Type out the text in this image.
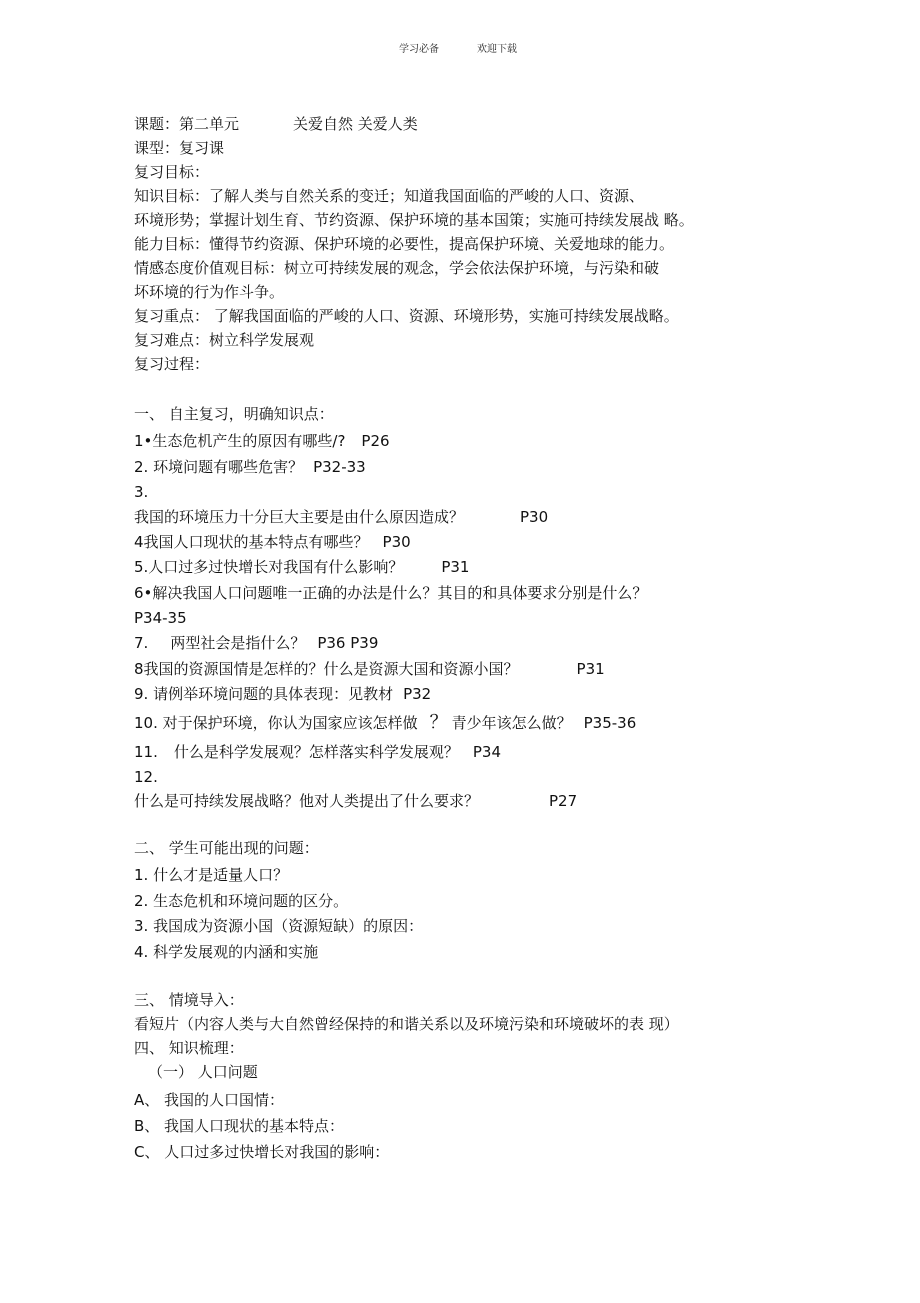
学习必备	欢迎下载
课题：第二单元	关爱自然 关爱人类
课型：复习课
复习目标：
知识目标：了解人类与自然关系的变迁；知道我国面临的严峻的人口、资源、
环境形势；掌握计划生育、节约资源、保护环境的基本国策；实施可持续发展战 略。
能力目标：懂得节约资源、保护环境的必要性，提高保护环境、关爱地球的能力。
情感态度价值观目标：树立可持续发展的观念，学会依法保护环境，与污染和破
坏环境的行为作斗争。
复习重点： 了解我国面临的严峻的人口、资源、环境形势，实施可持续发展战略。
复习难点：树立科学发展观
复习过程：
一、 自主复习，明确知识点：
1•生态危机产生的原因有哪些/? P26
2. 环境问题有哪些危害？ P32-33
3.
我国的环境压力十分巨大主要是由什么原因造成？	P30
4我国人口现状的基本特点有哪些？ P30
5.人口过多过快增长对我国有什么影响？	P31
6•解决我国人口问题唯一正确的办法是什么？其目的和具体要求分别是什么？
P34-35
7. 两型社会是指什么？ P36 P39
8我国的资源国情是怎样的？什么是资源大国和资源小国？	P31
9. 请例举环境问题的具体表现：见教材 P32
10. 对于保护环境，你认为国家应该怎样做 ？ 青少年该怎么做？ P35-36
11. 什么是科学发展观？怎样落实科学发展观？ P34
12.
什么是可持续发展战略？他对人类提出了什么要求？	P27
二、 学生可能出现的问题：
1. 什么才是适量人口？
2. 生态危机和环境问题的区分。
3. 我国成为资源小国（资源短缺）的原因：
4. 科学发展观的内涵和实施
三、 情境导入：
看短片（内容人类与大自然曾经保持的和谐关系以及环境污染和环境破坏的表 现）
四、 知识梳理：
（一） 人口问题
A、 我国的人口国情：
B、 我国人口现状的基本特点：
C、 人口过多过快增长对我国的影响：
